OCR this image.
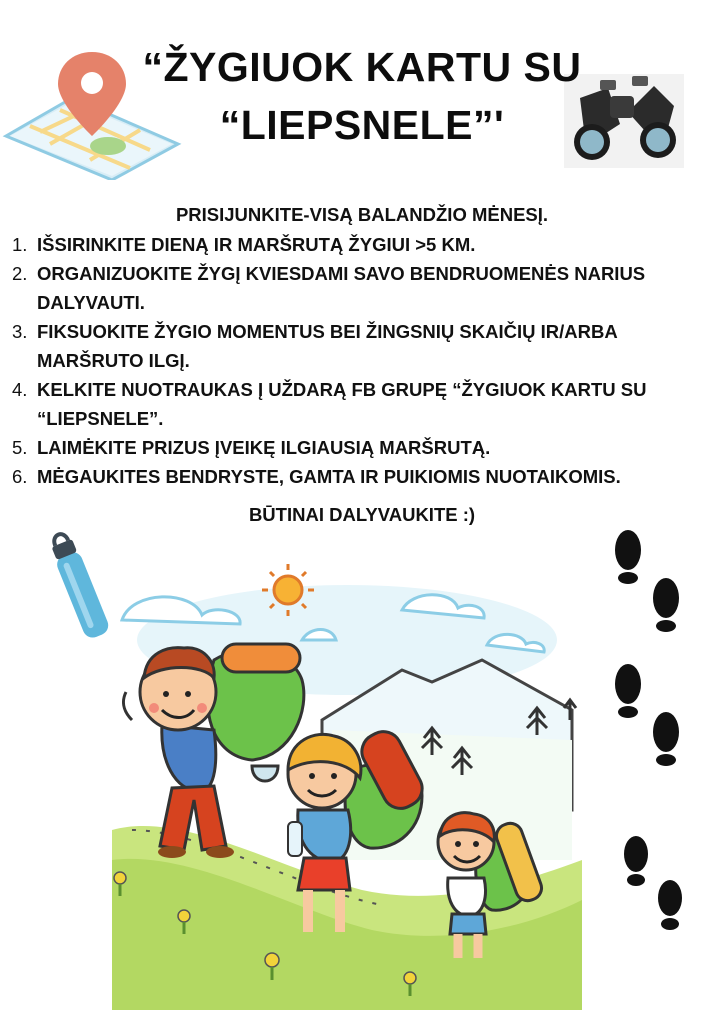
“ŽYGIUOK KARTU SU
“LIEPSNELE”'
PRISIJUNKITE-VISĄ BALANDŽIO MĖNESĮ.
1. IŠSIRINKITE DIENĄ IR MARŠRUTĄ ŽYGIUI >5 KM.
2. ORGANIZUOKITE ŽYGĮ KVIESDAMI SAVO BENDRUOMENĖS NARIUS DALYVAUTI.
3. FIKSUOKITE ŽYGIO MOMENTUS BEI ŽINGSNIŲ SKAIČIŲ IR/ARBA MARŠRUTO ILGĮ.
4. KELKITE NUOTRAUKAS Į UŽDARĄ FB GRUPĘ “ŽYGIUOK KARTU SU “LIEPSNELE”.
5. LAIMĖKITE PRIZUS ĮVEIKĘ ILGIAUSIĄ MARŠRUTĄ.
6. MĖGAUKITES BENDRYSTE, GAMTA IR PUIKIOMIS NUOTAIKOMIS.
BŪTINAI DALYVAUKITE :)
